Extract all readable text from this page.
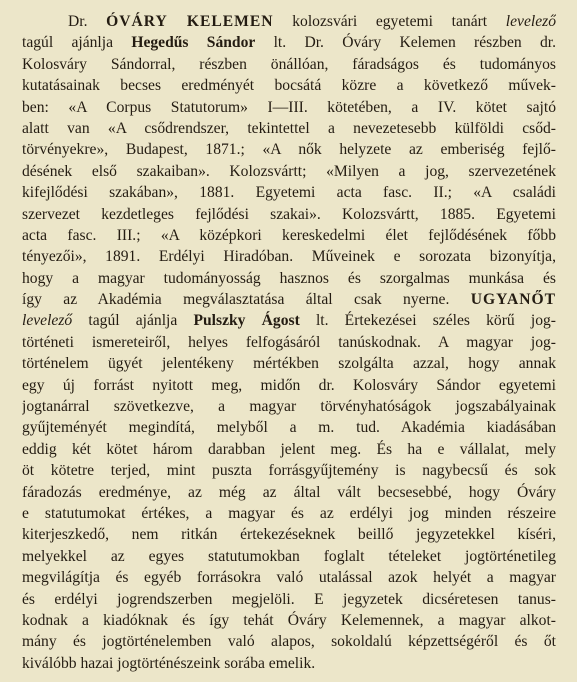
Dr. ÓVÁRY KELEMEN kolozsvári egyetemi tanárt levelező
tagúl ajánlja Hegedűs Sándor lt. Dr. Óváry Kelemen részben dr.
Kolosváry Sándorral, részben önállóan, fáradságos és tudományos
kutatásainak becses eredményét bocsátá közre a következő művek-
ben: «A Corpus Statutorum» I—III. kötetében, a IV. kötet sajtó
alatt van «A csődrendszer, tekintettel a nevezetesebb külföldi csőd-
törvényekre», Budapest, 1871.; «A nők helyzete az emberiség fejlő-
désének első szakaiban». Kolozsvártt; «Milyen a jog, szervezetének
kifejlődési szakában», 1881. Egyetemi acta fasc. II.; «A családi
szervezet kezdetleges fejlődési szakai». Kolozsvártt, 1885. Egyetemi
acta fasc. III.; «A középkori kereskedelmi élet fejlődésének főbb
tényezői», 1891. Erdélyi Hiradóban. Műveinek e sorozata bizonyítja,
hogy a magyar tudományosság hasznos és szorgalmas munkása és
így az Akadémia megválasztatása által csak nyerne. UGYANŐT
levelező tagúl ajánlja Pulszky Ágost lt. Értekezései széles körű jog-
történeti ismereteiről, helyes felfogásáról tanúskodnak. A magyar jog-
történelem ügyét jelentékeny mértékben szolgálta azzal, hogy annak
egy új forrást nyitott meg, midőn dr. Kolosváry Sándor egyetemi
jogtanárral szövetkezve, a magyar törvényhatóságok jogszabályainak
gyűjteményét megindítá, melyből a m. tud. Akadémia kiadásában
eddig két kötet három darabban jelent meg. És ha e vállalat, mely
öt kötetre terjed, mint puszta forrásgyűjtemény is nagybecsű és sok
fáradozás eredménye, az még az által vált becsesebbé, hogy Óváry
e statutumokat értékes, a magyar és az erdélyi jog minden részeire
kiterjeszkedő, nem ritkán értekezéseknek beillő jegyzetekkel kíséri,
melyekkel az egyes statutumokban foglalt tételeket jogtörténetileg
megvilágítja és egyéb forrásokra való utalással azok helyét a magyar
és erdélyi jogrendszerben megjelöli. E jegyzetek dicséretesen tanus-
kodnak a kiadóknak és így tehát Óváry Kelemennek, a magyar alkot-
mány és jogtörténelemben való alapos, sokoldalú képzettségéről és őt
kiválóbb hazai jogtörténészeink sorába emelik.
